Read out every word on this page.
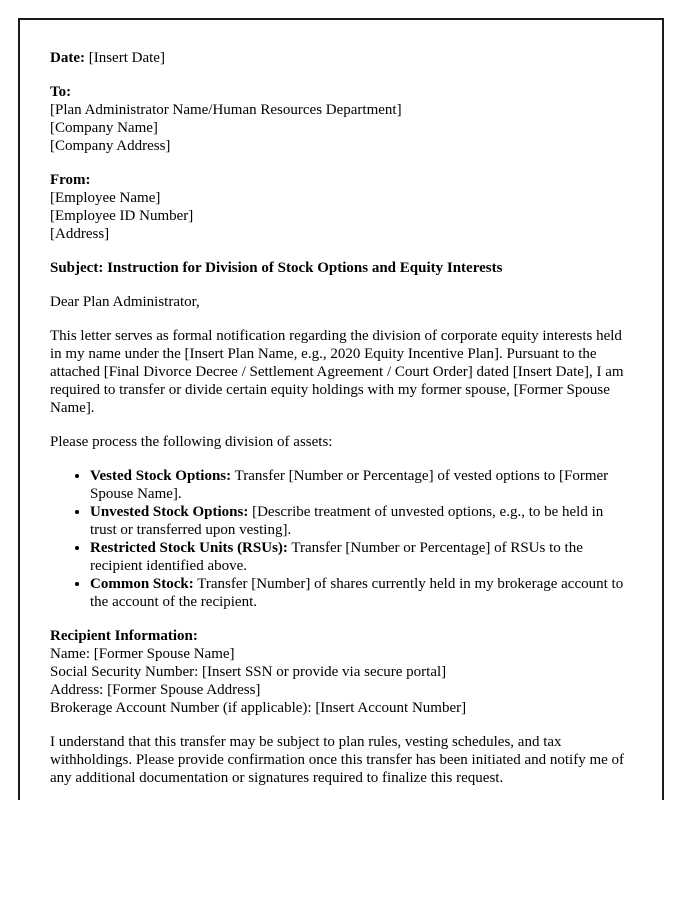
Date: [Insert Date]

To:
[Plan Administrator Name/Human Resources Department]
[Company Name]
[Company Address]

From:
[Employee Name]
[Employee ID Number]
[Address]

Subject: Instruction for Division of Stock Options and Equity Interests

Dear Plan Administrator,

This letter serves as formal notification regarding the division of corporate equity interests held in my name under the [Insert Plan Name, e.g., 2020 Equity Incentive Plan]. Pursuant to the attached [Final Divorce Decree / Settlement Agreement / Court Order] dated [Insert Date], I am required to transfer or divide certain equity holdings with my former spouse, [Former Spouse Name].

Please process the following division of assets:

• Vested Stock Options: Transfer [Number or Percentage] of vested options to [Former Spouse Name].
• Unvested Stock Options: [Describe treatment of unvested options, e.g., to be held in trust or transferred upon vesting].
• Restricted Stock Units (RSUs): Transfer [Number or Percentage] of RSUs to the recipient identified above.
• Common Stock: Transfer [Number] of shares currently held in my brokerage account to the account of the recipient.

Recipient Information:
Name: [Former Spouse Name]
Social Security Number: [Insert SSN or provide via secure portal]
Address: [Former Spouse Address]
Brokerage Account Number (if applicable): [Insert Account Number]

I understand that this transfer may be subject to plan rules, vesting schedules, and tax withholdings. Please provide confirmation once this transfer has been initiated and notify me of any additional documentation or signatures required to finalize this request.
